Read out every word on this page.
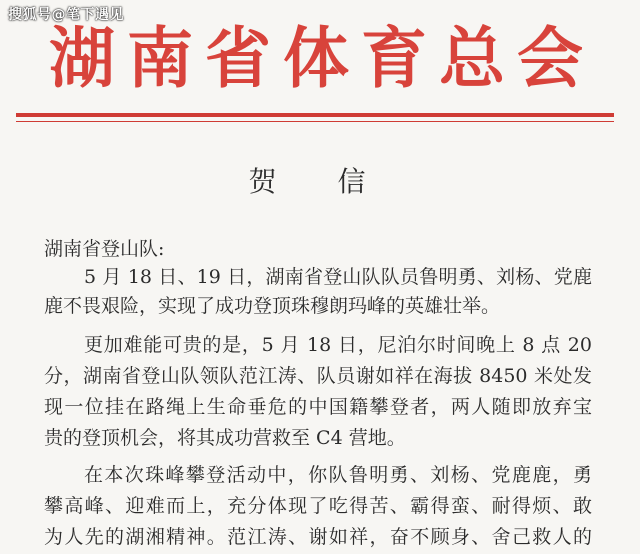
搜狐号@笔下遇见
湖南省体育总会
贺 信
湖南省登山队:
5 月 18 日、19 日，湖南省登山队队员鲁明勇、刘杨、党鹿
鹿不畏艰险，实现了成功登顶珠穆朗玛峰的英雄壮举。
更加难能可贵的是，5 月 18 日，尼泊尔时间晚上 8 点 20
分，湖南省登山队领队范江涛、队员谢如祥在海拔 8450 米处发
现一位挂在路绳上生命垂危的中国籍攀登者，两人随即放弃宝
贵的登顶机会，将其成功营救至 C4 营地。
在本次珠峰攀登活动中，你队鲁明勇、刘杨、党鹿鹿，勇
攀高峰、迎难而上，充分体现了吃得苦、霸得蛮、耐得烦、敢
为人先的湖湘精神。范江涛、谢如祥，奋不顾身、舍己救人的
